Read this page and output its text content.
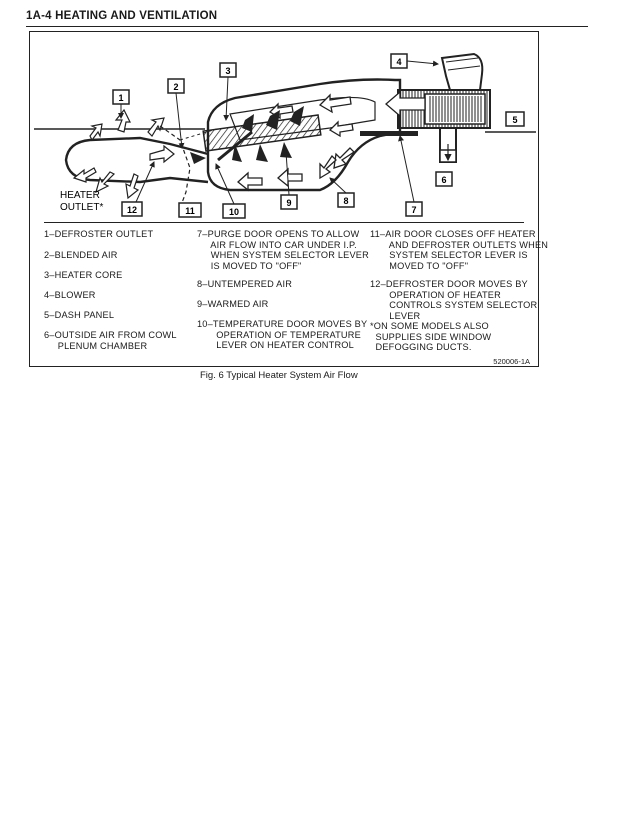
1A-4 HEATING AND VENTILATION
1
2
3
4
5
6
7
8
9
10
11
12
HEATER
OUTLET*
1–DEFROSTER OUTLET
2–BLENDED AIR
3–HEATER CORE
4–BLOWER
5–DASH PANEL
6–OUTSIDE AIR FROM COWL
PLENUM CHAMBER
7–PURGE DOOR OPENS TO ALLOW
AIR FLOW INTO CAR UNDER I.P.
WHEN SYSTEM SELECTOR LEVER
IS MOVED TO "OFF"
8–UNTEMPERED AIR
9–WARMED AIR
10–TEMPERATURE DOOR MOVES BY
OPERATION OF TEMPERATURE
LEVER ON HEATER CONTROL
11–AIR DOOR CLOSES OFF HEATER
AND DEFROSTER OUTLETS WHEN
SYSTEM SELECTOR LEVER IS
MOVED TO "OFF"
12–DEFROSTER DOOR MOVES BY
OPERATION OF HEATER
CONTROLS SYSTEM SELECTOR
LEVER
*ON SOME MODELS ALSO
SUPPLIES SIDE WINDOW
DEFOGGING DUCTS.
520006-1A
Fig. 6 Typical Heater System Air Flow
